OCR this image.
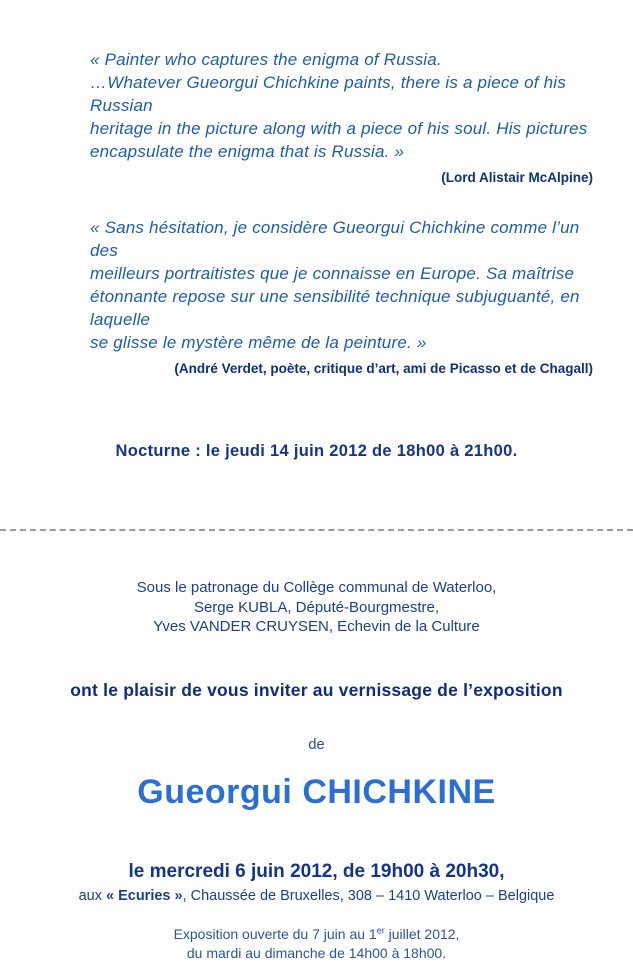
« Painter who captures the enigma of Russia.
…Whatever Gueorgui Chichkine paints, there is a piece of his Russian
heritage in the picture along with a piece of his soul. His pictures
encapsulate the enigma that is Russia. »
(Lord Alistair McAlpine)
« Sans hésitation, je considère Gueorgui Chichkine comme l’un des
meilleurs portraitistes que je connaisse en Europe. Sa maîtrise
étonnante repose sur une sensibilité technique subjuguanté, en laquelle
se glisse le mystère même de la peinture. »
(André Verdet, poète, critique d’art, ami de Picasso et de Chagall)
Nocturne : le jeudi 14 juin 2012 de 18h00 à 21h00.
Sous le patronage du Collège communal de Waterloo,
Serge KUBLA, Député-Bourgmestre,
Yves VANDER CRUYSEN, Echevin de la Culture
ont le plaisir de vous inviter au vernissage de l’exposition
de
Gueorgui CHICHKINE
le mercredi 6 juin 2012, de 19h00 à 20h30,
aux « Ecuries », Chaussée de Bruxelles, 308 – 1410 Waterloo – Belgique
Exposition ouverte du 7 juin au 1er juillet 2012,
du mardi au dimanche de 14h00 à 18h00.
